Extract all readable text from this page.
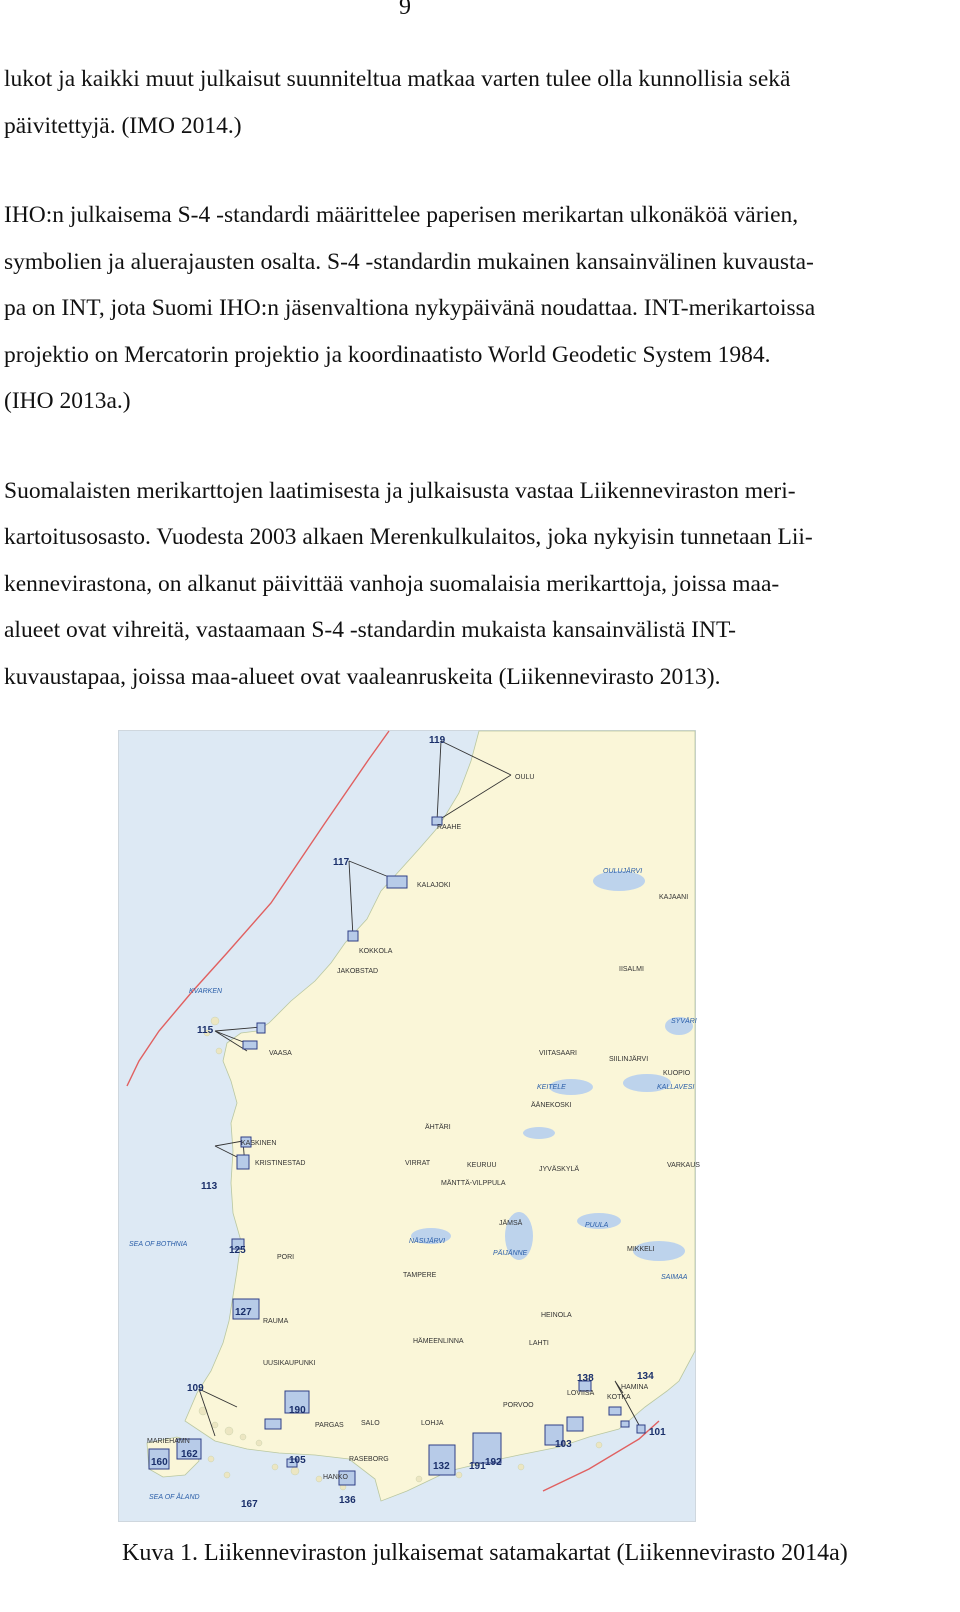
9

lukot ja kaikki muut julkaisut suunniteltua matkaa varten tulee olla kunnollisia sekä
päivitettyjä. (IMO 2014.)

IHO:n julkaisema S-4 -standardi määrittelee paperisen merikartan ulkonäköä värien,
symbolien ja aluerajausten osalta. S-4 -standardin mukainen kansainvälinen kuvausta-
pa on INT, jota Suomi IHO:n jäsenvaltiona nykypäivänä noudattaa. INT-merikartoissa
projektio on Mercatorin projektio ja koordinaatisto World Geodetic System 1984.
(IHO 2013a.)

Suomalaisten merikarttojen laatimisesta ja julkaisusta vastaa Liikenneviraston meri-
kartoitusosasto. Vuodesta 2003 alkaen Merenkulkulaitos, joka nykyisin tunnetaan Lii-
kennevirastona, on alkanut päivittää vanhoja suomalaisia merikarttoja, joissa maa-
alueet ovat vihreitä, vastaamaan S-4 -standardin mukaista kansainvälistä INT-
kuvaustapaa, joissa maa-alueet ovat vaaleanruskeita (Liikennevirasto 2013).

KVARKEN
SEA OF BOTHNIA
SEA OF ÅLAND
OULUJÄRVI
KEITELE
NÄSIJÄRVI
PÄIJÄNNE
PUULA
SAIMAA
KALLAVESI
SYVÄRI
OULU
RAAHE
KALAJOKI
KAJAANI
KOKKOLA
JAKOBSTAD	IISALMI
VAASA	VIITASAARI
SIILINJÄRVI
KUOPIO
ÄÄNEKOSKI
ÄHTÄRI
KASKINEN
KRISTINESTAD	VIRRAT	KEURUU
JYVÄSKYLÄ
VARKAUS
MÄNTTÄ-VILPPULA
JÄMSÄ
PORI
TAMPERE
MIKKELI
HEINOLA
RAUMA
LAHTI
HÄMEENLINNA
UUSIKAUPUNKI
HAMINA
KOTKA
LOVIISA
PORVOO
MARIEHAMN
PARGAS SALO	LOHJA
RASEBORG
HANKO
119
117
115
113
125
127
109
190
160
162
105
167	136
132 191 192
103
138	134
101
Kuva 1. Liikenneviraston julkaisemat satamakartat (Liikennevirasto 2014a)
